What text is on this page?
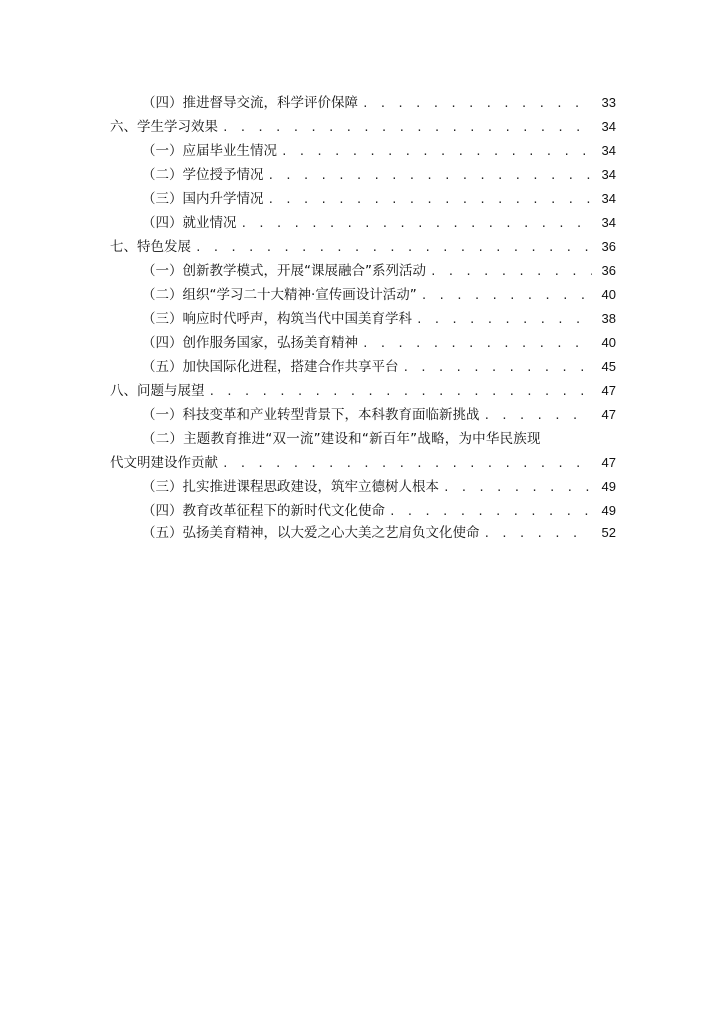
（四）推进督导交流，科学评价保障 . . .	33
六、学生学习效果 . . .	34
（一）应届毕业生情况 . . .	34
（二）学位授予情况 . . .	34
（三）国内升学情况 . . .	34
（四）就业情况 . . .	34
七、特色发展 . . .	36
（一）创新教学模式，开展“课展融合”系列活动 . . .	36
（二）组织“学习二十大精神·宣传画设计活动” . . .	40
（三）响应时代呼声，构筑当代中国美育学科 . . .	38
（四）创作服务国家，弘扬美育精神 . . .	40
（五）加快国际化进程，搭建合作共享平台 . . .	45
八、问题与展望 . . .	47
（一）科技变革和产业转型背景下，本科教育面临新挑战 . . .	47
（二）主题教育推进“双一流”建设和“新百年”战略，为中华民族现
代文明建设作贡献 . . .	47
（三）扎实推进课程思政建设，筑牢立德树人根本 . . .	49
（四）教育改革征程下的新时代文化使命 . . .	49
（五）弘扬美育精神，以大爱之心大美之艺肩负文化使命 . . .	52
